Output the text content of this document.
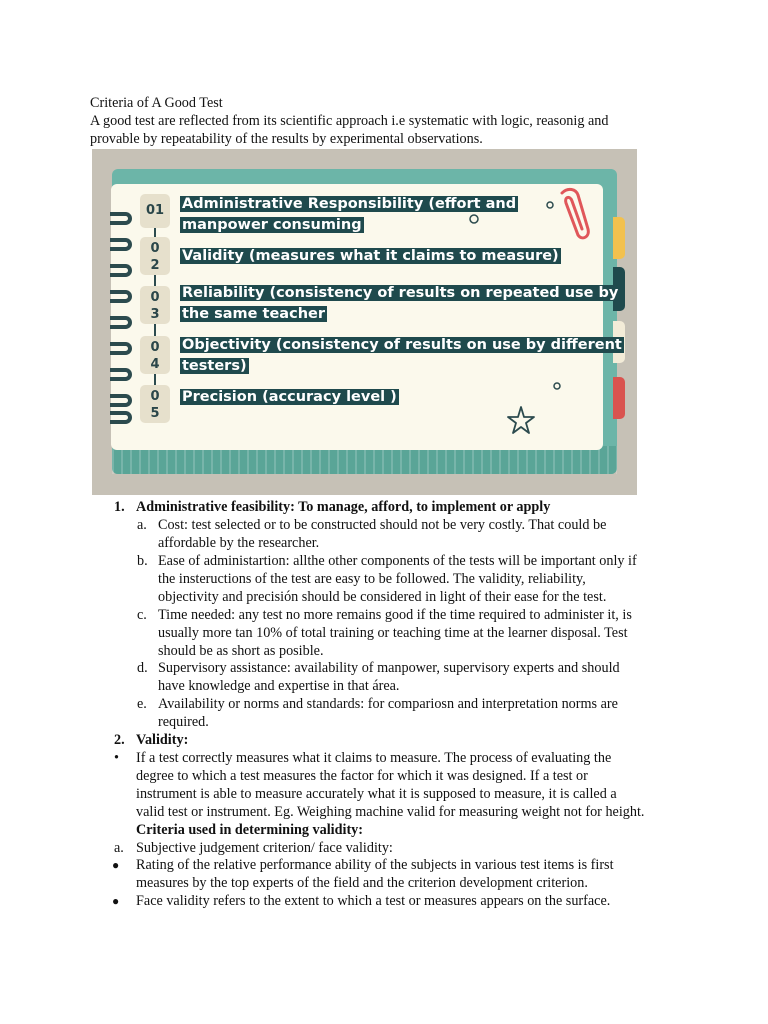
Criteria of A Good Test
A good test are reflected from its scientific approach i.e systematic with logic, reasonig and
provable by repeatability of the results by experimental observations.
01
0
2
0
3
0
4
0
5
Administrative Responsibility (effort and
manpower consuming
Validity (measures what it claims to measure)
Reliability (consistency of results on repeated use by
the same teacher
Objectivity (consistency of results on use by different
testers)
Precision (accuracy level )
1. Administrative feasibility: To manage, afford, to implement or apply
a. Cost: test selected or to be constructed should not be very costly. That could be
affordable by the researcher.
b. Ease of administartion: allthe other components of the tests will be important only if
the insteructions of the test are easy to be followed. The validity, reliability,
objectivity and precisión should be considered in light of their ease for the test.
c. Time needed: any test no more remains good if the time required to administer it, is
usually more tan 10% of total training or teaching time at the learner disposal. Test
should be as short as posible.
d. Supervisory assistance: availability of manpower, supervisory experts and should
have knowledge and expertise in that área.
e. Availability or norms and standards: for compariosn and interpretation norms are
required.
2. Validity:
• If a test correctly measures what it claims to measure. The process of evaluating the
degree to which a test measures the factor for which it was designed. If a test or
instrument is able to measure accurately what it is supposed to measure, it is called a
valid test or instrument. Eg. Weighing machine valid for measuring weight not for height.
Criteria used in determining validity:
a. Subjective judgement criterion/ face validity:
● Rating of the relative performance ability of the subjects in various test items is first
measures by the top experts of the field and the criterion development criterion.
● Face validity refers to the extent to which a test or measures appears on the surface.
